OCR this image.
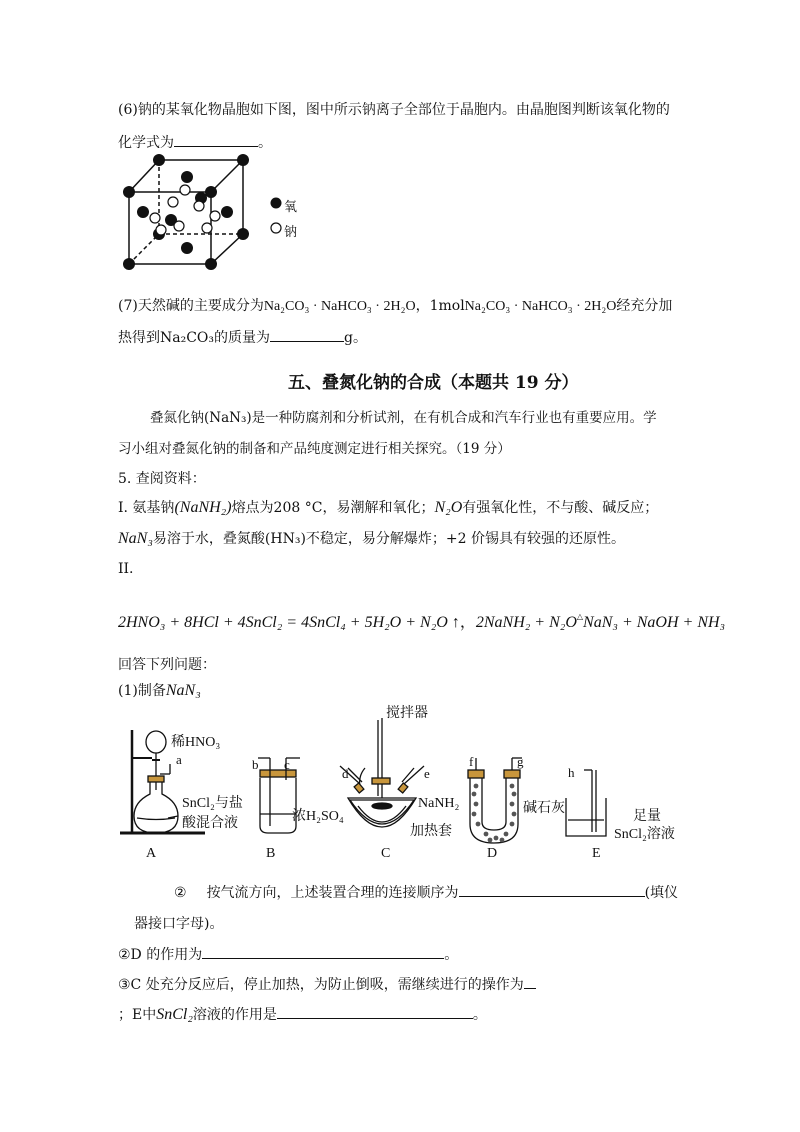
(6)钠的某氧化物晶胞如下图，图中所示钠离子全部位于晶胞内。由晶胞图判断该氧化物的
化学式为	。
氧
钠
(7)天然碱的主要成分为Na₂CO₃ · NaHCO₃ · 2H₂O，1molNa₂CO₃ · NaHCO₃ · 2H₂O经充分加
热得到Na₂CO₃的质量为	g。
五、叠氮化钠的合成（本题共 19 分）
叠氮化钠(NaN₃)是一种防腐剂和分析试剂，在有机合成和汽车行业也有重要应用。学
习小组对叠氮化钠的制备和产品纯度测定进行相关探究。（19 分）
5. 查阅资料：
I. 氨基钠(NaNH₂)熔点为208 °C，易潮解和氧化；N₂O有强氧化性，不与酸、碱反应；
NaN₃易溶于水，叠氮酸(HN₃)不稳定，易分解爆炸；+2 价锡具有较强的还原性。
II.
2HNO₃ + 8HCl + 4SnCl₂ = 4SnCl₄ + 5H₂O + N₂O ↑，2NaNH₂ + N₂O△NaN₃ + NaOH + NH₃
回答下列问题：
(1)制备NaN₃
稀HNO₃
a
SnCl₂与盐
酸混合液
A
b c
浓H₂SO₄
B
搅拌器
d	e
NaNH₂
加热套
C
f	g
碱石灰
D
h
足量
SnCl₂溶液
E
② 按气流方向，上述装置合理的连接顺序为	(填仪
器接口字母)。
②D 的作用为	。
③C 处充分反应后，停止加热，为防止倒吸，需继续进行的操作为
；E中SnCl₂溶液的作用是	。
